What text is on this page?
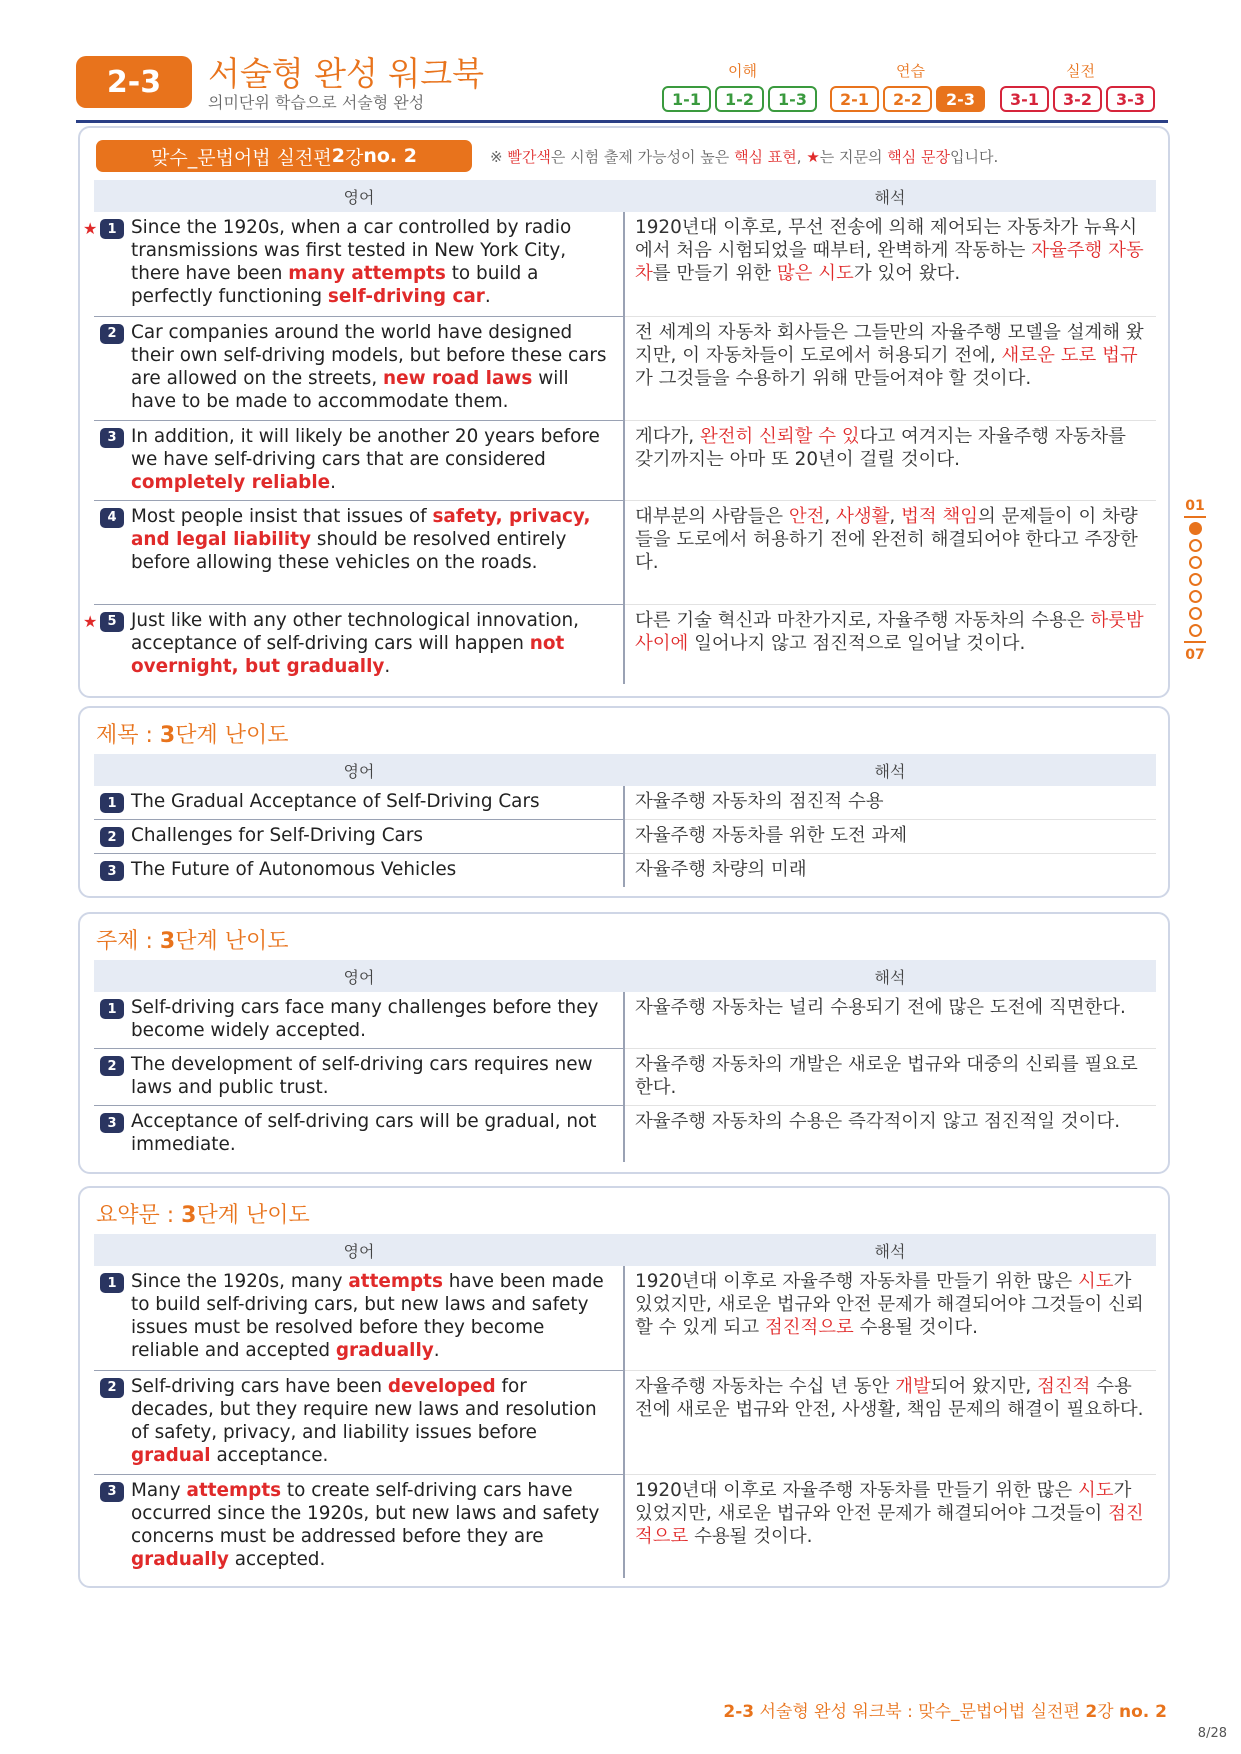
2-3	서술형 완성 워크북
의미단위 학습으로 서술형 완성
이해	연습	실전
1-1	1-2	1-3	2-1	2-2	2-3	3-1	3-2	3-3
01
07
맞수_문법어법 실전편 2 강 no. 2	※ 빨간색은 시험 출제 가능성이 높은 핵심 표현, ★는 지문의 핵심 문장입니다.
영어	해석

★ 1 Since the 1920s, when a car controlled by radio transmissions was first tested in New York City, there have been many attempts to build a perfectly functioning self-driving car.	1920년대 이후로, 무선 전송에 의해 제어되는 자동차가 뉴욕시에서 처음 시험되었을 때부터, 완벽하게 작동하는 자율주행 자동차를 만들기 위한 많은 시도가 있어 왔다.

2 Car companies around the world have designed their own self-driving models, but before these cars are allowed on the streets, new road laws will have to be made to accommodate them.	전 세계의 자동차 회사들은 그들만의 자율주행 모델을 설계해 왔지만, 이 자동차들이 도로에서 허용되기 전에, 새로운 도로 법규가 그것들을 수용하기 위해 만들어져야 할 것이다.

3 In addition, it will likely be another 20 years before we have self-driving cars that are considered completely reliable.	게다가, 완전히 신뢰할 수 있다고 여겨지는 자율주행 자동차를 갖기까지는 아마 또 20년이 걸릴 것이다.

4 Most people insist that issues of safety, privacy, and legal liability should be resolved entirely before allowing these vehicles on the roads.	대부분의 사람들은 안전, 사생활, 법적 책임의 문제들이 이 차량들을 도로에서 허용하기 전에 완전히 해결되어야 한다고 주장한다.

★ 5 Just like with any other technological innovation, acceptance of self-driving cars will happen not overnight, but gradually.	다른 기술 혁신과 마찬가지로, 자율주행 자동차의 수용은 하룻밤 사이에 일어나지 않고 점진적으로 일어날 것이다.
제목 : 3단계 난이도
영어	해석

1 The Gradual Acceptance of Self-Driving Cars	자율주행 자동차의 점진적 수용

2 Challenges for Self-Driving Cars	자율주행 자동차를 위한 도전 과제

3 The Future of Autonomous Vehicles	자율주행 차량의 미래
주제 : 3단계 난이도
영어	해석

1 Self-driving cars face many challenges before they become widely accepted.	자율주행 자동차는 널리 수용되기 전에 많은 도전에 직면한다.

2 The development of self-driving cars requires new laws and public trust.	자율주행 자동차의 개발은 새로운 법규와 대중의 신뢰를 필요로 한다.

3 Acceptance of self-driving cars will be gradual, not immediate.	자율주행 자동차의 수용은 즉각적이지 않고 점진적일 것이다.
요약문 : 3단계 난이도
영어	해석

1 Since the 1920s, many attempts have been made to build self-driving cars, but new laws and safety issues must be resolved before they become reliable and accepted gradually.	1920년대 이후로 자율주행 자동차를 만들기 위한 많은 시도가 있었지만, 새로운 법규와 안전 문제가 해결되어야 그것들이 신뢰할 수 있게 되고 점진적으로 수용될 것이다.

2 Self-driving cars have been developed for decades, but they require new laws and resolution of safety, privacy, and liability issues before gradual acceptance.	자율주행 자동차는 수십 년 동안 개발되어 왔지만, 점진적 수용 전에 새로운 법규와 안전, 사생활, 책임 문제의 해결이 필요하다.

3 Many attempts to create self-driving cars have occurred since the 1920s, but new laws and safety concerns must be addressed before they are gradually accepted.	1920년대 이후로 자율주행 자동차를 만들기 위한 많은 시도가 있었지만, 새로운 법규와 안전 문제가 해결되어야 그것들이 점진적으로 수용될 것이다.
2-3 서술형 완성 워크북 : 맞수_문법어법 실전편 2강 no. 2
8/28
